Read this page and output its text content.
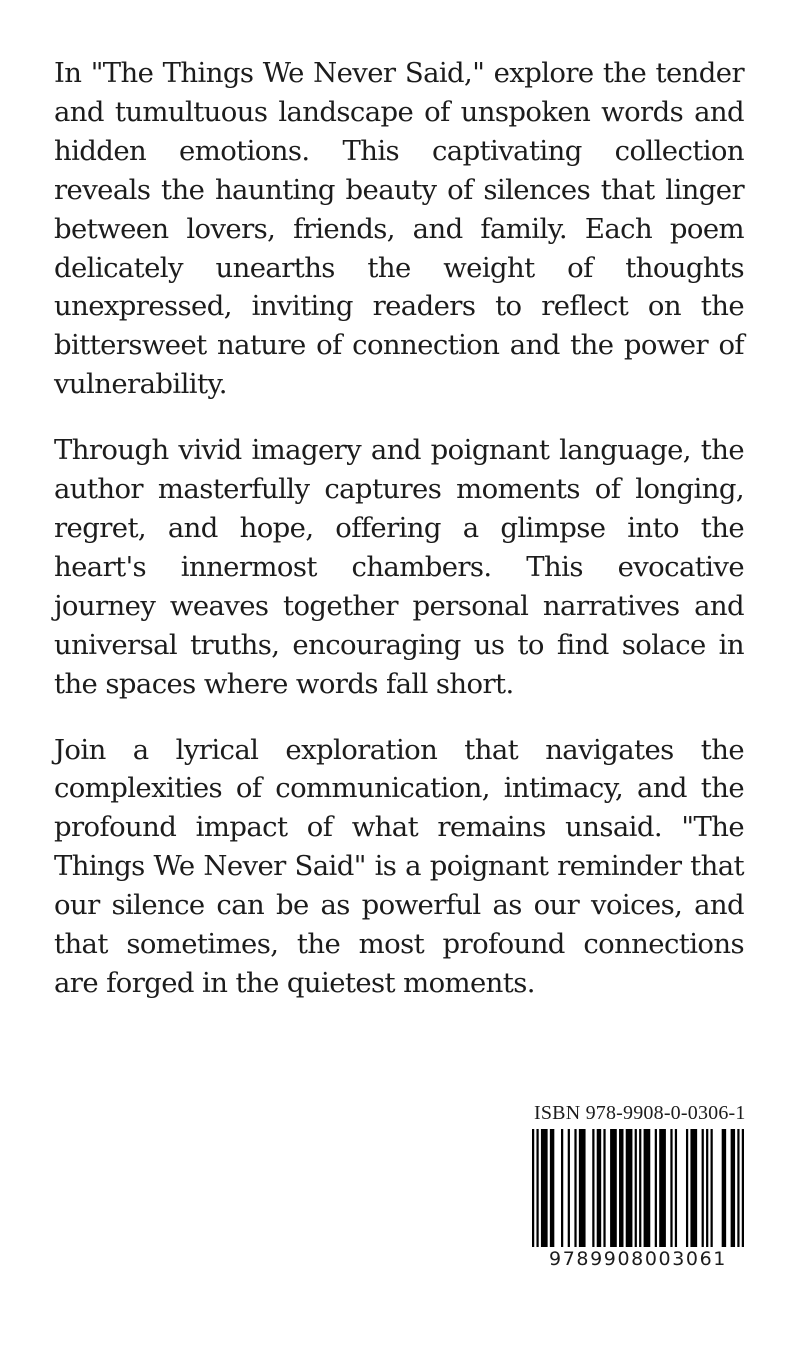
In "The Things We Never Said," explore the tender and tumultuous landscape of unspoken words and hidden emotions. This captivating collection reveals the haunting beauty of silences that linger between lovers, friends, and family. Each poem delicately unearths the weight of thoughts unexpressed, inviting readers to reflect on the bittersweet nature of connection and the power of vulnerability.

Through vivid imagery and poignant language, the author masterfully captures moments of longing, regret, and hope, offering a glimpse into the heart's innermost chambers. This evocative journey weaves together personal narratives and universal truths, encouraging us to find solace in the spaces where words fall short.

Join a lyrical exploration that navigates the complexities of communication, intimacy, and the profound impact of what remains unsaid. "The Things We Never Said" is a poignant reminder that our silence can be as powerful as our voices, and that sometimes, the most profound connections are forged in the quietest moments.

ISBN 978-9908-0-0306-1
9789908003061
